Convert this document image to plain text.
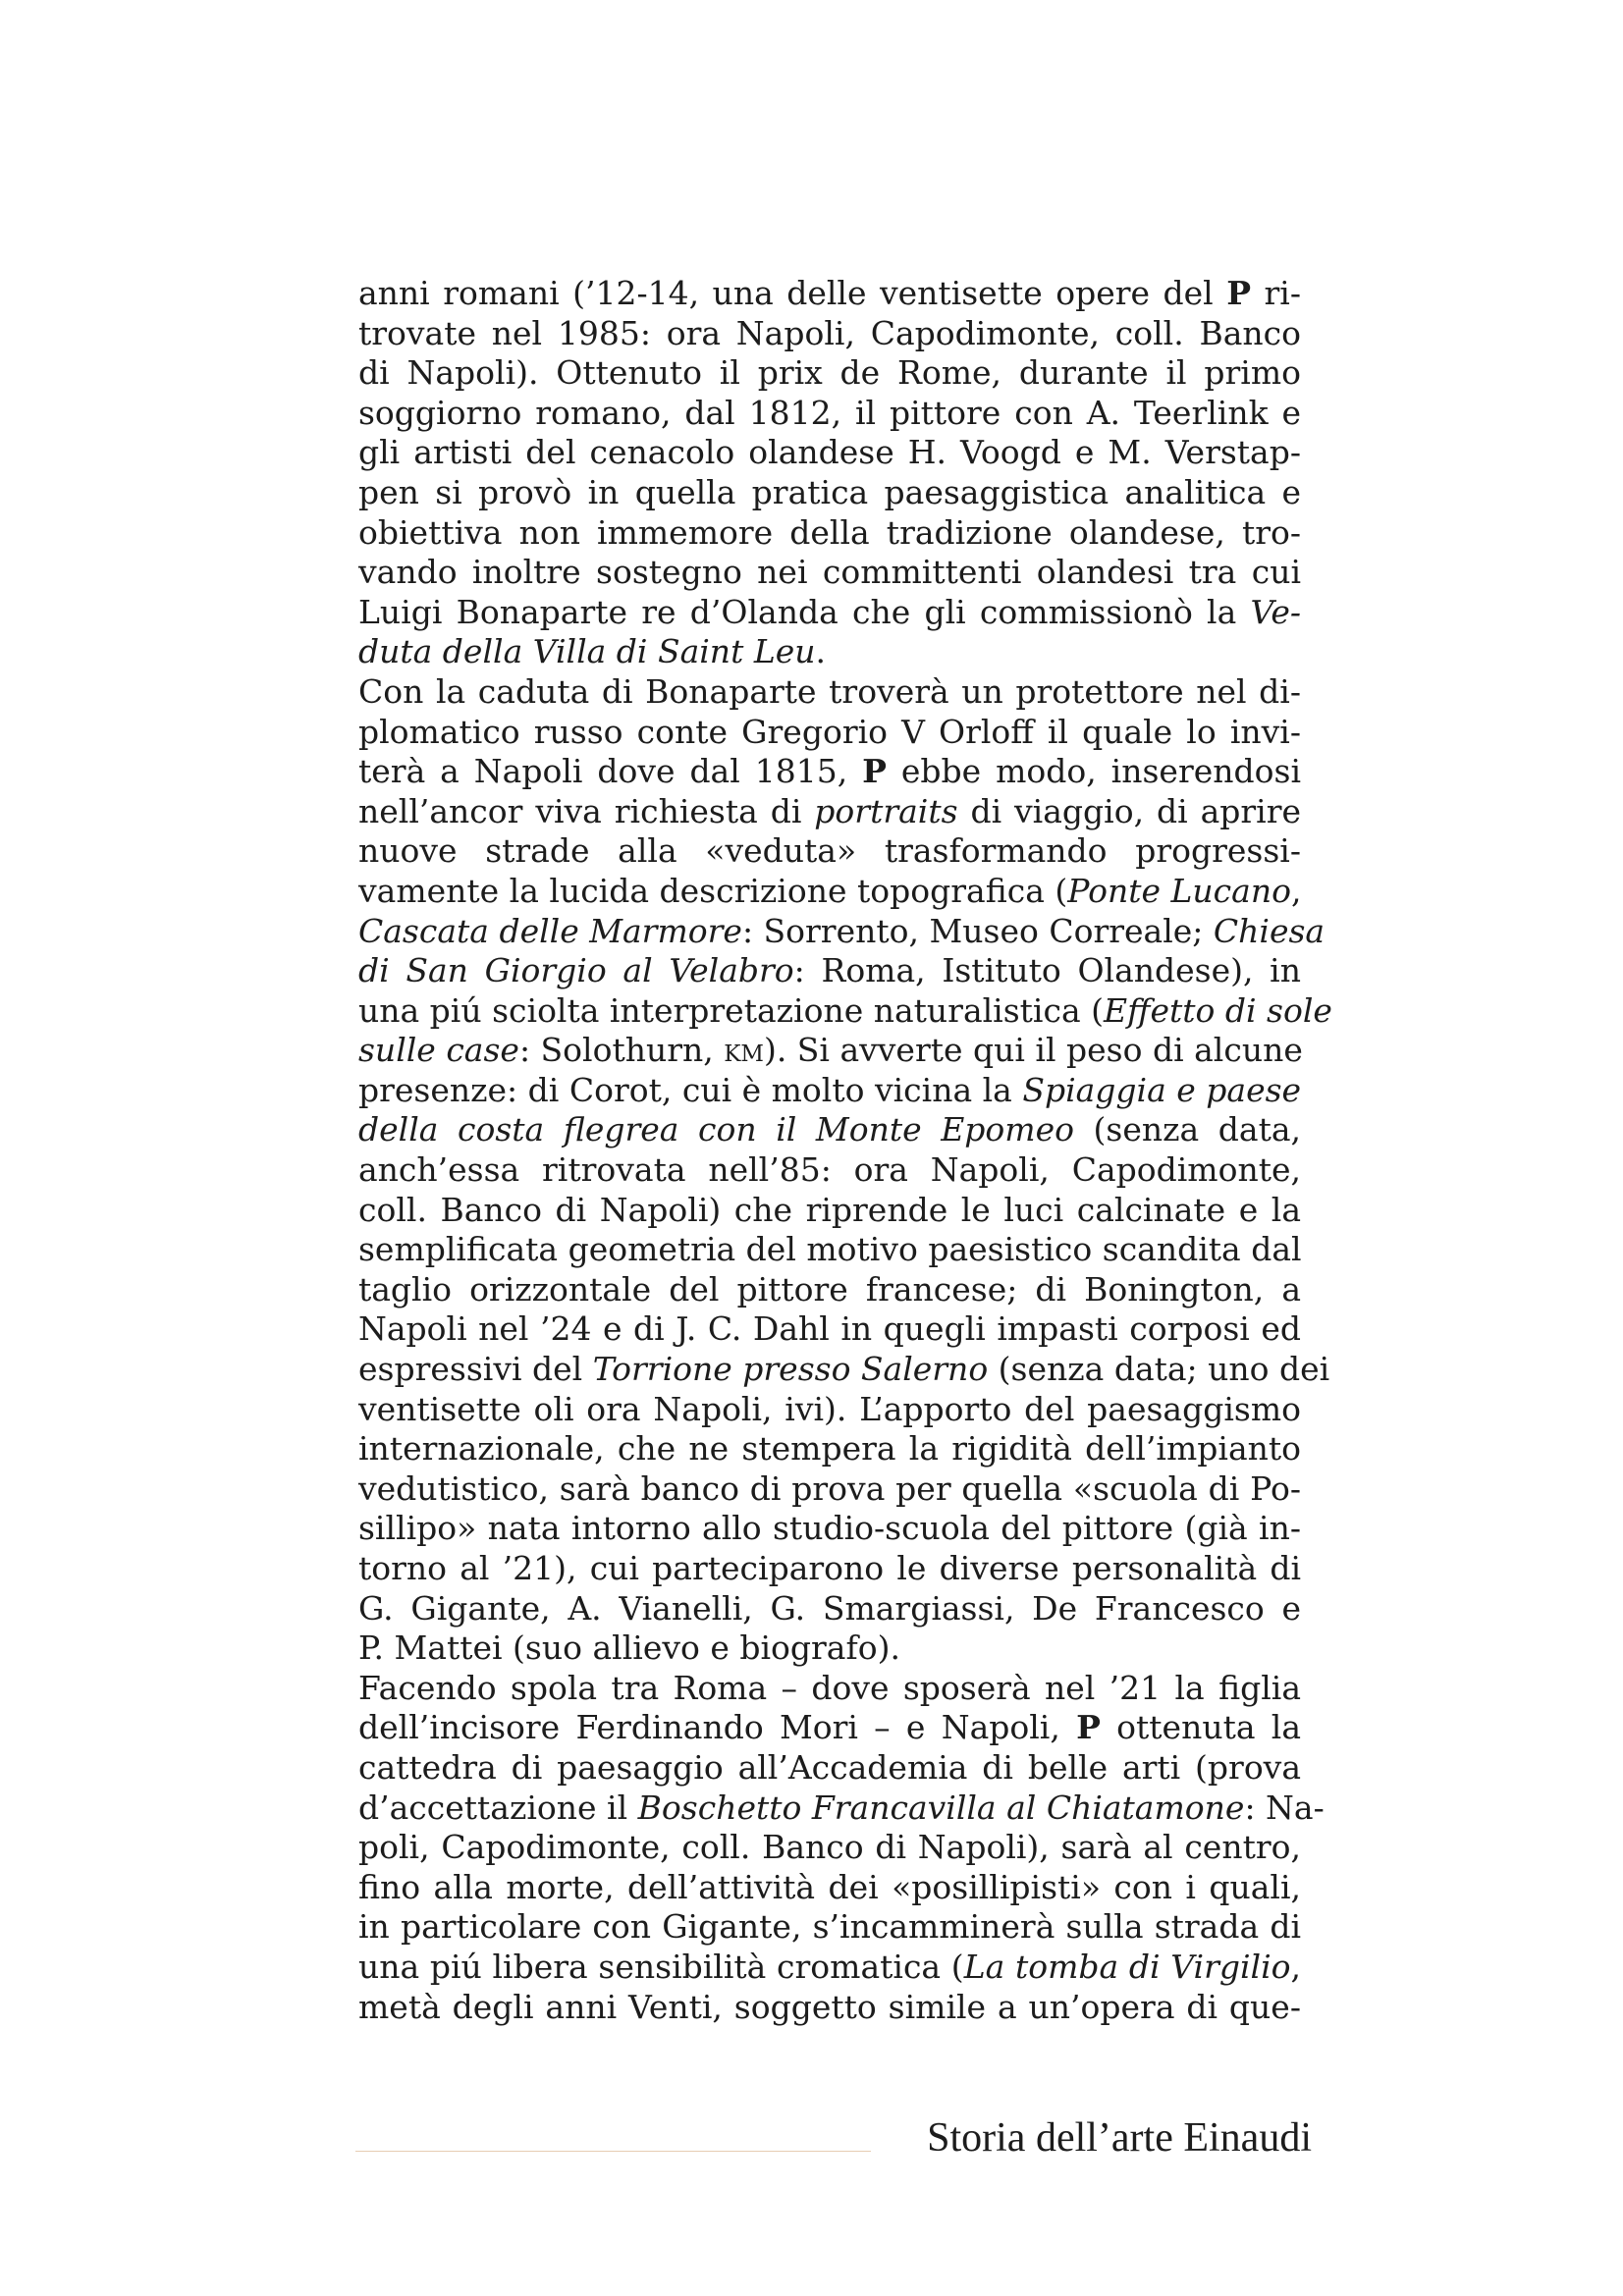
anni romani (’12-14, una delle ventisette opere del P ri-
trovate nel 1985: ora Napoli, Capodimonte, coll. Banco
di Napoli). Ottenuto il prix de Rome, durante il primo
soggiorno romano, dal 1812, il pittore con A. Teerlink e
gli artisti del cenacolo olandese H. Voogd e M. Verstap-
pen si provò in quella pratica paesaggistica analitica e
obiettiva non immemore della tradizione olandese, tro-
vando inoltre sostegno nei committenti olandesi tra cui
Luigi Bonaparte re d’Olanda che gli commissionò la Ve-
duta della Villa di Saint Leu.
Con la caduta di Bonaparte troverà un protettore nel di-
plomatico russo conte Gregorio V Orloff il quale lo invi-
terà a Napoli dove dal 1815, P ebbe modo, inserendosi
nell’ancor viva richiesta di portraits di viaggio, di aprire
nuove strade alla «veduta» trasformando progressi-
vamente la lucida descrizione topografica (Ponte Lucano,
Cascata delle Marmore: Sorrento, Museo Correale; Chiesa
di San Giorgio al Velabro: Roma, Istituto Olandese), in
una piú sciolta interpretazione naturalistica (Effetto di sole
sulle case: Solothurn, km). Si avverte qui il peso di alcune
presenze: di Corot, cui è molto vicina la Spiaggia e paese
della costa flegrea con il Monte Epomeo (senza data,
anch’essa ritrovata nell’85: ora Napoli, Capodimonte,
coll. Banco di Napoli) che riprende le luci calcinate e la
semplificata geometria del motivo paesistico scandita dal
taglio orizzontale del pittore francese; di Bonington, a
Napoli nel ’24 e di J. C. Dahl in quegli impasti corposi ed
espressivi del Torrione presso Salerno (senza data; uno dei
ventisette oli ora Napoli, ivi). L’apporto del paesaggismo
internazionale, che ne stempera la rigidità dell’impianto
vedutistico, sarà banco di prova per quella «scuola di Po-
sillipo» nata intorno allo studio-scuola del pittore (già in-
torno al ’21), cui parteciparono le diverse personalità di
G. Gigante, A. Vianelli, G. Smargiassi, De Francesco e
P. Mattei (suo allievo e biografo).
Facendo spola tra Roma – dove sposerà nel ’21 la figlia
dell’incisore Ferdinando Mori – e Napoli, P ottenuta la
cattedra di paesaggio all’Accademia di belle arti (prova
d’accettazione il Boschetto Francavilla al Chiatamone: Na-
poli, Capodimonte, coll. Banco di Napoli), sarà al centro,
fino alla morte, dell’attività dei «posillipisti» con i quali,
in particolare con Gigante, s’incamminerà sulla strada di
una piú libera sensibilità cromatica (La tomba di Virgilio,
metà degli anni Venti, soggetto simile a un’opera di que-
Storia dell’arte Einaudi
